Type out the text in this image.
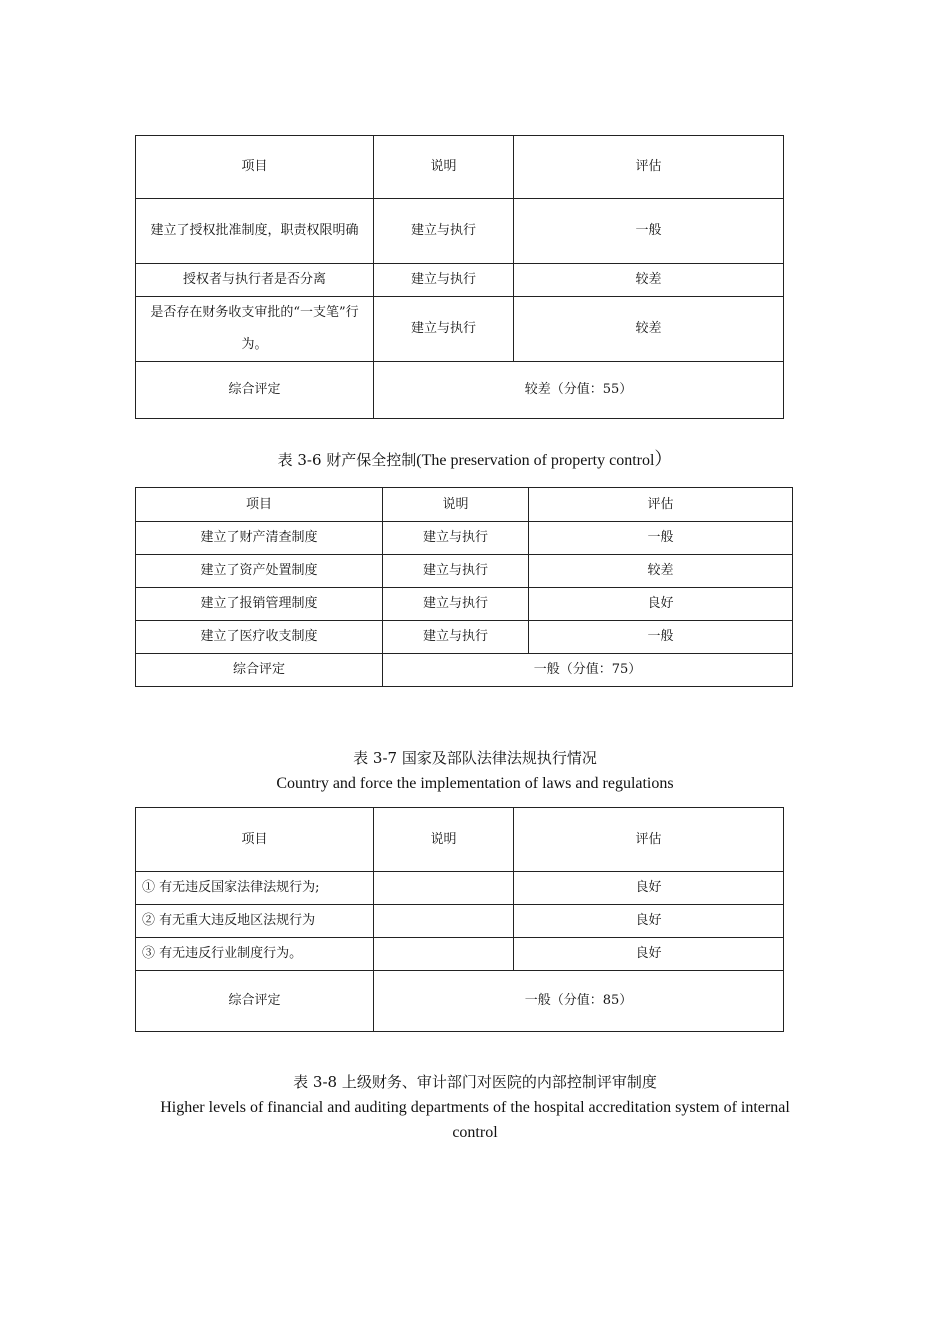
项目	说明	评估
建立了授权批准制度，职责权限明确	建立与执行	一般
授权者与执行者是否分离	建立与执行	较差
是否存在财务收支审批的“一支笔”行为。	建立与执行	较差
综合评定	较差（分值：55）	
表 3-6 财产保全控制(The preservation of property control）
项目	说明	评估
建立了财产清查制度	建立与执行	一般
建立了资产处置制度	建立与执行	较差
建立了报销管理制度	建立与执行	良好
建立了医疗收支制度	建立与执行	一般
综合评定	一般（分值：75）	
表 3-7 国家及部队法律法规执行情况
Country and force the implementation of laws and regulations
项目	说明	评估
① 有无违反国家法律法规行为;		良好
② 有无重大违反地区法规行为		良好
③ 有无违反行业制度行为。		良好
综合评定	一般（分值：85）	
表 3-8 上级财务、审计部门对医院的内部控制评审制度
Higher levels of financial and auditing departments of the hospital accreditation system of internal
control
